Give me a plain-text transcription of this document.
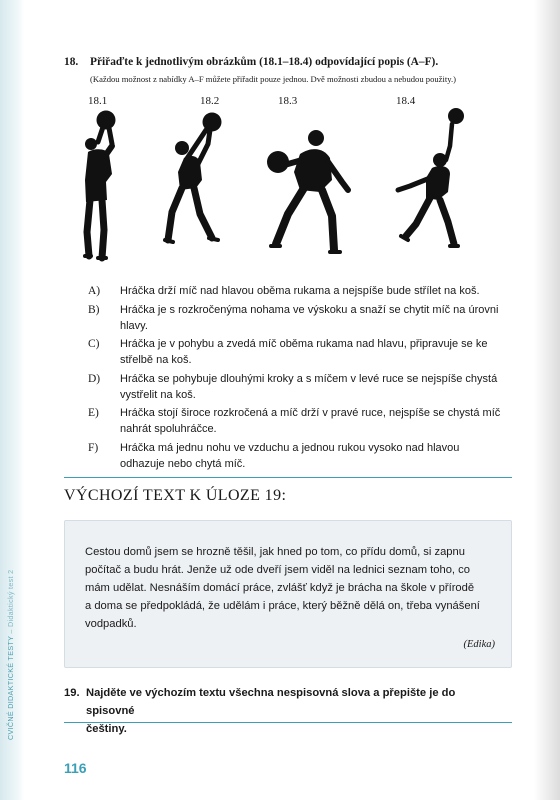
CVIČNÉ DIDAKTICKÉ TESTY – Didaktický test 2
18. Přiřaďte k jednotlivým obrázkům (18.1–18.4) odpovídající popis (A–F).
(Každou možnost z nabídky A–F můžete přiřadit pouze jednou. Dvě možnosti zbudou a nebudou použity.)
18.1	18.2	18.3	18.4
A) Hráčka drží míč nad hlavou oběma rukama a nejspíše bude střílet na koš.
B) Hráčka je s rozkročenýma nohama ve výskoku a snaží se chytit míč na úrovni
hlavy.
C) Hráčka je v pohybu a zvedá míč oběma rukama nad hlavu, připravuje se ke
střelbě na koš.
D) Hráčka se pohybuje dlouhými kroky a s míčem v levé ruce se nejspíše chystá
vystřelit na koš.
E) Hráčka stojí široce rozkročená a míč drží v pravé ruce, nejspíše se chystá míč
nahrát spoluhráčce.
F) Hráčka má jednu nohu ve vzduchu a jednou rukou vysoko nad hlavou
odhazuje nebo chytá míč.
VÝCHOZÍ TEXT K ÚLOZE 19:
Cestou domů jsem se hrozně těšil, jak hned po tom, co přídu domů, si zapnu
počítač a budu hrát. Jenže už ode dveří jsem viděl na lednici seznam toho, co
mám udělat. Nesnáším domácí práce, zvlášť když je brácha na škole v přírodě
a doma se předpokládá, že udělám i práce, který běžně dělá on, třeba vynášení
vodpadků.
(Edika)
19. Najděte ve výchozím textu všechna nespisovná slova a přepište je do spisovné
češtiny.
116
